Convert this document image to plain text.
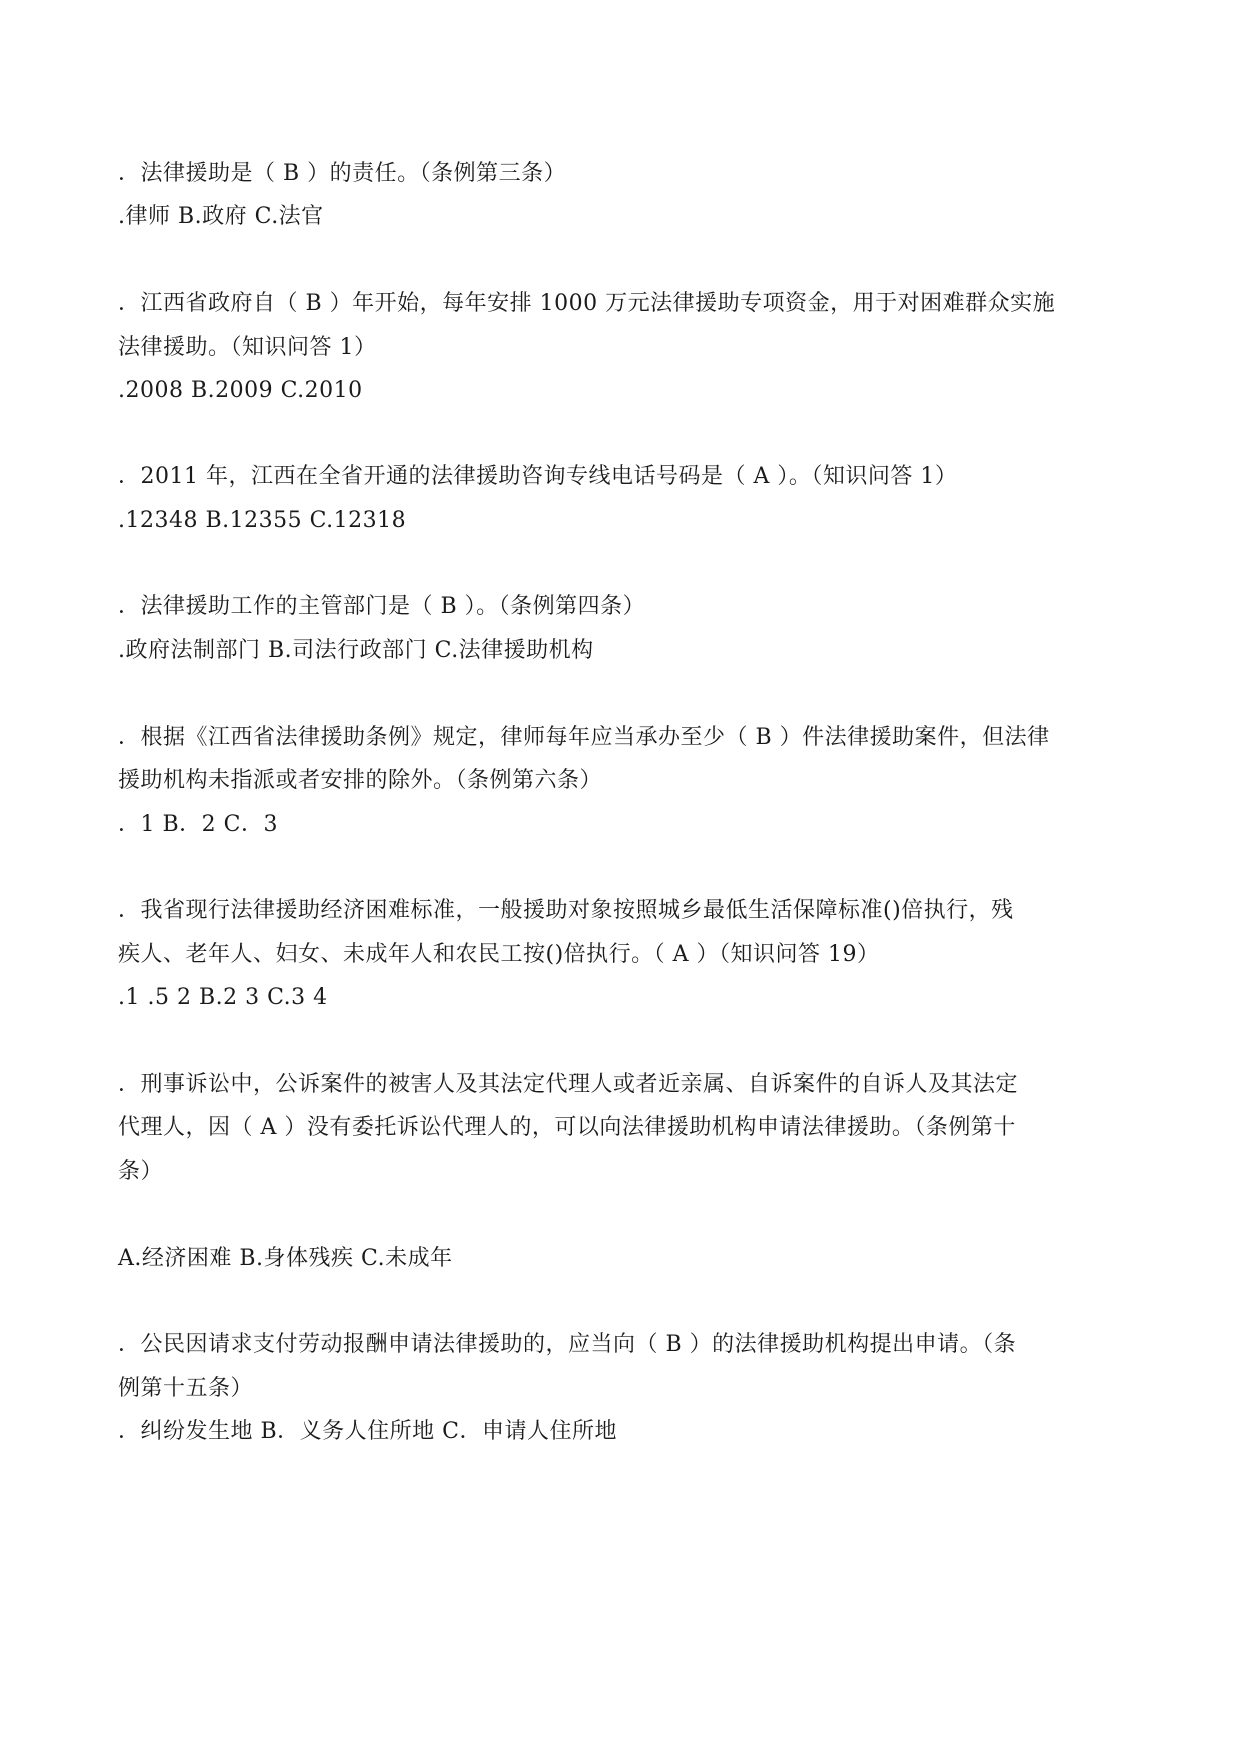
．法律援助是（ B ）的责任。（条例第三条）
.律师 B.政府 C.法官
．江西省政府自（ B ）年开始，每年安排 1000 万元法律援助专项资金，用于对困难群众实施
法律援助。（知识问答 1）
.2008 B.2009 C.2010
．2011 年，江西在全省开通的法律援助咨询专线电话号码是（ A ）。（知识问答 1）
.12348 B.12355 C.12318
．法律援助工作的主管部门是（ B ）。（条例第四条）
.政府法制部门 B.司法行政部门 C.法律援助机构
．根据《江西省法律援助条例》规定，律师每年应当承办至少（ B ）件法律援助案件，但法律
援助机构未指派或者安排的除外。（条例第六条）
．1 B．2 C．3
．我省现行法律援助经济困难标准，一般援助对象按照城乡最低生活保障标准()倍执行，残
疾人、老年人、妇女、未成年人和农民工按()倍执行。（ A ）（知识问答 19）
.1 .5 2 B.2 3 C.3 4
．刑事诉讼中，公诉案件的被害人及其法定代理人或者近亲属、自诉案件的自诉人及其法定
代理人，因（ A ）没有委托诉讼代理人的，可以向法律援助机构申请法律援助。（条例第十
条）
A.经济困难 B.身体残疾 C.未成年
．公民因请求支付劳动报酬申请法律援助的，应当向（ B ）的法律援助机构提出申请。（条
例第十五条）
．纠纷发生地 B．义务人住所地 C．申请人住所地
